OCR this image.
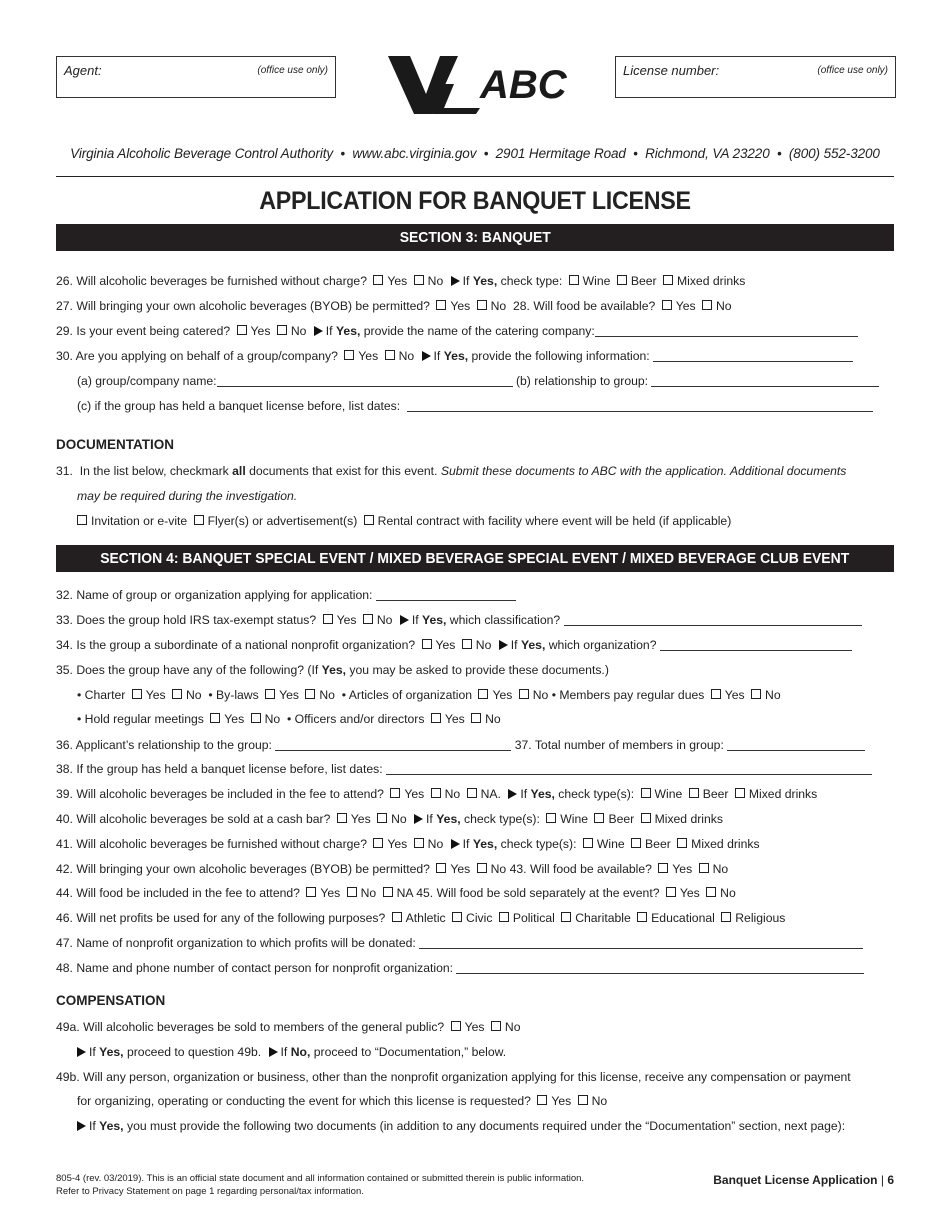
Agent:	(office use only)	License number:	(office use only)
ABC
Virginia Alcoholic Beverage Control Authority • www.abc.virginia.gov • 2901 Hermitage Road • Richmond, VA 23220 • (800) 552-3200
APPLICATION FOR BANQUET LICENSE
SECTION 3: BANQUET
26. Will alcoholic beverages be furnished without charge? Yes No If Yes, check type: Wine Beer Mixed drinks
27. Will bringing your own alcoholic beverages (BYOB) be permitted? Yes No 28. Will food be available? Yes No
29. Is your event being catered? Yes No If Yes, provide the name of the catering company:
30. Are you applying on behalf of a group/company? Yes No If Yes, provide the following information:
(a) group/company name:	(b) relationship to group:
(c) if the group has held a banquet license before, list dates:
DOCUMENTATION
31. In the list below, checkmark all documents that exist for this event. Submit these documents to ABC with the application. Additional documents
may be required during the investigation.
Invitation or e-vite Flyer(s) or advertisement(s) Rental contract with facility where event will be held (if applicable)
SECTION 4: BANQUET SPECIAL EVENT / MIXED BEVERAGE SPECIAL EVENT / MIXED BEVERAGE CLUB EVENT
32. Name of group or organization applying for application:
33. Does the group hold IRS tax-exempt status? Yes No If Yes, which classification?
34. Is the group a subordinate of a national nonprofit organization? Yes No If Yes, which organization?
35. Does the group have any of the following? (If Yes, you may be asked to provide these documents.)
• Charter Yes No • By-laws Yes No • Articles of organization Yes No • Members pay regular dues Yes No
• Hold regular meetings Yes No • Officers and/or directors Yes No
36. Applicant’s relationship to the group:	37. Total number of members in group:
38. If the group has held a banquet license before, list dates:
39. Will alcoholic beverages be included in the fee to attend? Yes No NA. If Yes, check type(s): Wine Beer Mixed drinks
40. Will alcoholic beverages be sold at a cash bar? Yes No If Yes, check type(s): Wine Beer Mixed drinks
41. Will alcoholic beverages be furnished without charge? Yes No If Yes, check type(s): Wine Beer Mixed drinks
42. Will bringing your own alcoholic beverages (BYOB) be permitted? Yes No 43. Will food be available? Yes No
44. Will food be included in the fee to attend? Yes No NA 45. Will food be sold separately at the event? Yes No
46. Will net profits be used for any of the following purposes? Athletic Civic Political Charitable Educational Religious
47. Name of nonprofit organization to which profits will be donated:
48. Name and phone number of contact person for nonprofit organization:
COMPENSATION
49a. Will alcoholic beverages be sold to members of the general public? Yes No
If Yes, proceed to question 49b. If No, proceed to “Documentation,” below.
49b. Will any person, organization or business, other than the nonprofit organization applying for this license, receive any compensation or payment
for organizing, operating or conducting the event for which this license is requested? Yes No
If Yes, you must provide the following two documents (in addition to any documents required under the “Documentation” section, next page):
805-4 (rev. 03/2019). This is an official state document and all information contained or submitted therein is public information.
Refer to Privacy Statement on page 1 regarding personal/tax information.
Banquet License Application | 6
